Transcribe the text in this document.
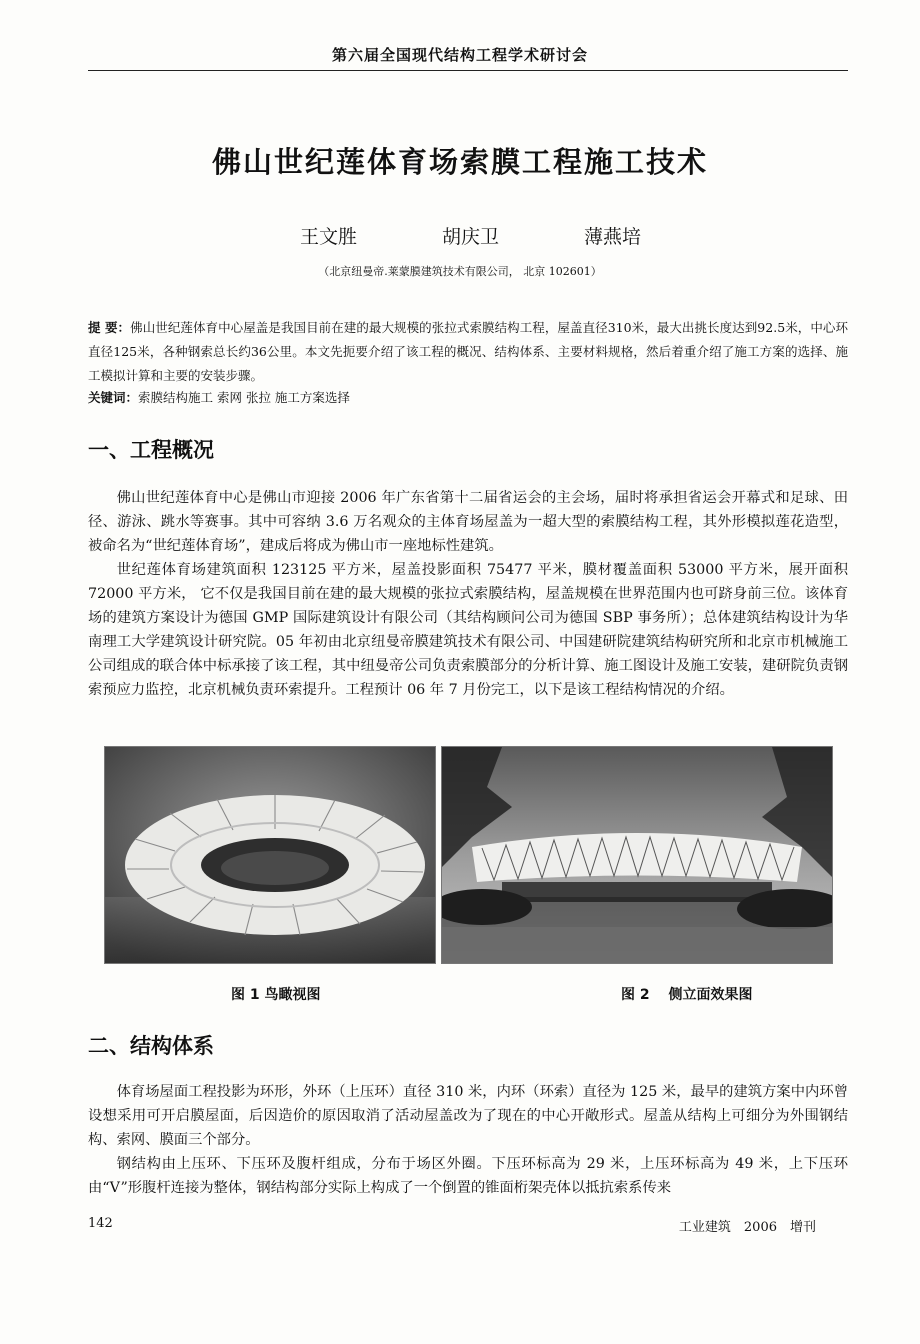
第六届全国现代结构工程学术研讨会
佛山世纪莲体育场索膜工程施工技术
王文胜	胡庆卫	薄燕培
（北京纽曼帝.莱蒙膜建筑技术有限公司， 北京 102601）
提 要：佛山世纪莲体育中心屋盖是我国目前在建的最大规模的张拉式索膜结构工程，屋盖直径310米，最大出挑长度达到92.5米，中心环直径125米，各种钢索总长约36公里。本文先扼要介绍了该工程的概况、结构体系、主要材料规格，然后着重介绍了施工方案的选择、施工模拟计算和主要的安装步骤。
关键词：索膜结构施工 索网 张拉 施工方案选择
一、工程概况

佛山世纪莲体育中心是佛山市迎接 2006 年广东省第十二届省运会的主会场，届时将承担省运会开幕式和足球、田径、游泳、跳水等赛事。其中可容纳 3.6 万名观众的主体育场屋盖为一超大型的索膜结构工程，其外形模拟莲花造型，被命名为“世纪莲体育场”，建成后将成为佛山市一座地标性建筑。

世纪莲体育场建筑面积 123125 平方米，屋盖投影面积 75477 平米，膜材覆盖面积 53000 平方米，展开面积 72000 平方米， 它不仅是我国目前在建的最大规模的张拉式索膜结构，屋盖规模在世界范围内也可跻身前三位。该体育场的建筑方案设计为德国 GMP 国际建筑设计有限公司（其结构顾问公司为德国 SBP 事务所）；总体建筑结构设计为华南理工大学建筑设计研究院。05 年初由北京纽曼帝膜建筑技术有限公司、中国建研院建筑结构研究所和北京市机械施工公司组成的联合体中标承接了该工程，其中纽曼帝公司负责索膜部分的分析计算、施工图设计及施工安装，建研院负责钢索预应力监控，北京机械负责环索提升。工程预计 06 年 7 月份完工，以下是该工程结构情况的介绍。

图 1 鸟瞰视图	图 2 　侧立面效果图
二、结构体系

体育场屋面工程投影为环形，外环（上压环）直径 310 米，内环（环索）直径为 125 米，最早的建筑方案中内环曾设想采用可开启膜屋面，后因造价的原因取消了活动屋盖改为了现在的中心开敞形式。屋盖从结构上可细分为外围钢结构、索网、膜面三个部分。

钢结构由上压环、下压环及腹杆组成，分布于场区外圈。下压环标高为 29 米，上压环标高为 49 米，上下压环由“V”形腹杆连接为整体，钢结构部分实际上构成了一个倒置的锥面桁架壳体以抵抗索系传来

142	工业建筑　2006　增刊
